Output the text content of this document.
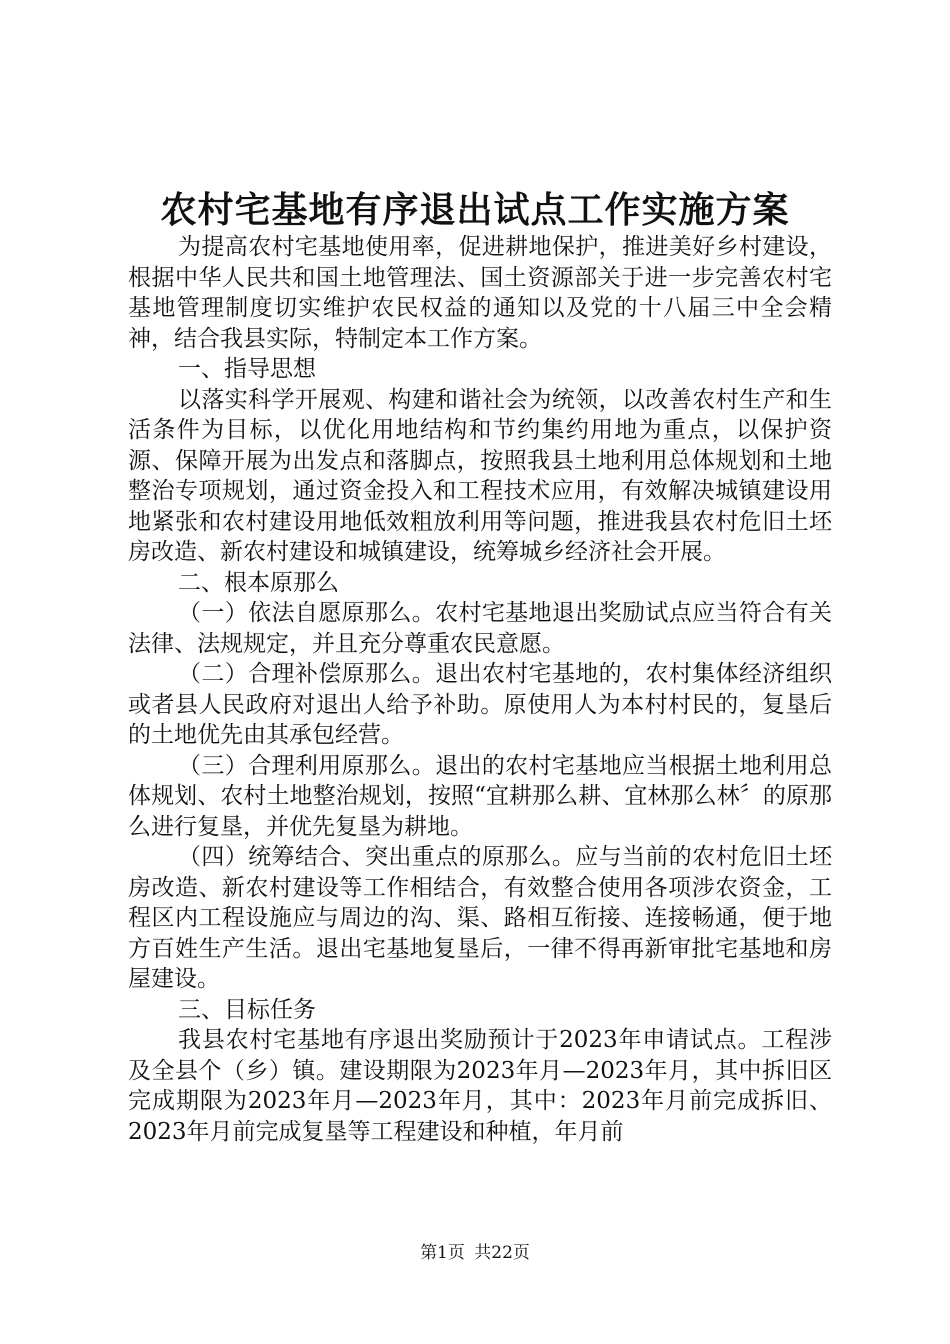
农村宅基地有序退出试点工作实施方案

为提高农村宅基地使用率，促进耕地保护，推进美好乡村建设，根据中华人民共和国土地管理法、国土资源部关于进一步完善农村宅基地管理制度切实维护农民权益的通知以及党的十八届三中全会精神，结合我县实际，特制定本工作方案。

一、指导思想

以落实科学开展观、构建和谐社会为统领，以改善农村生产和生活条件为目标，以优化用地结构和节约集约用地为重点，以保护资源、保障开展为出发点和落脚点，按照我县土地利用总体规划和土地整治专项规划，通过资金投入和工程技术应用，有效解决城镇建设用地紧张和农村建设用地低效粗放利用等问题，推进我县农村危旧土坯房改造、新农村建设和城镇建设，统筹城乡经济社会开展。

二、根本原那么

（一）依法自愿原那么。农村宅基地退出奖励试点应当符合有关法律、法规规定，并且充分尊重农民意愿。

（二）合理补偿原那么。退出农村宅基地的，农村集体经济组织或者县人民政府对退出人给予补助。原使用人为本村村民的，复垦后的土地优先由其承包经营。

（三）合理利用原那么。退出的农村宅基地应当根据土地利用总体规划、农村土地整治规划，按照“宜耕那么耕、宜林那么林〞的原那么进行复垦，并优先复垦为耕地。

（四）统筹结合、突出重点的原那么。应与当前的农村危旧土坯房改造、新农村建设等工作相结合，有效整合使用各项涉农资金，工程区内工程设施应与周边的沟、渠、路相互衔接、连接畅通，便于地方百姓生产生活。退出宅基地复垦后，一律不得再新审批宅基地和房屋建设。

三、目标任务

我县农村宅基地有序退出奖励预计于2023年申请试点。工程涉及全县个（乡）镇。建设期限为2023年月—2023年月，其中拆旧区完成期限为2023年月—2023年月，其中：2023年月前完成拆旧、2023年月前完成复垦等工程建设和种植，年月前

第1页 共22页
